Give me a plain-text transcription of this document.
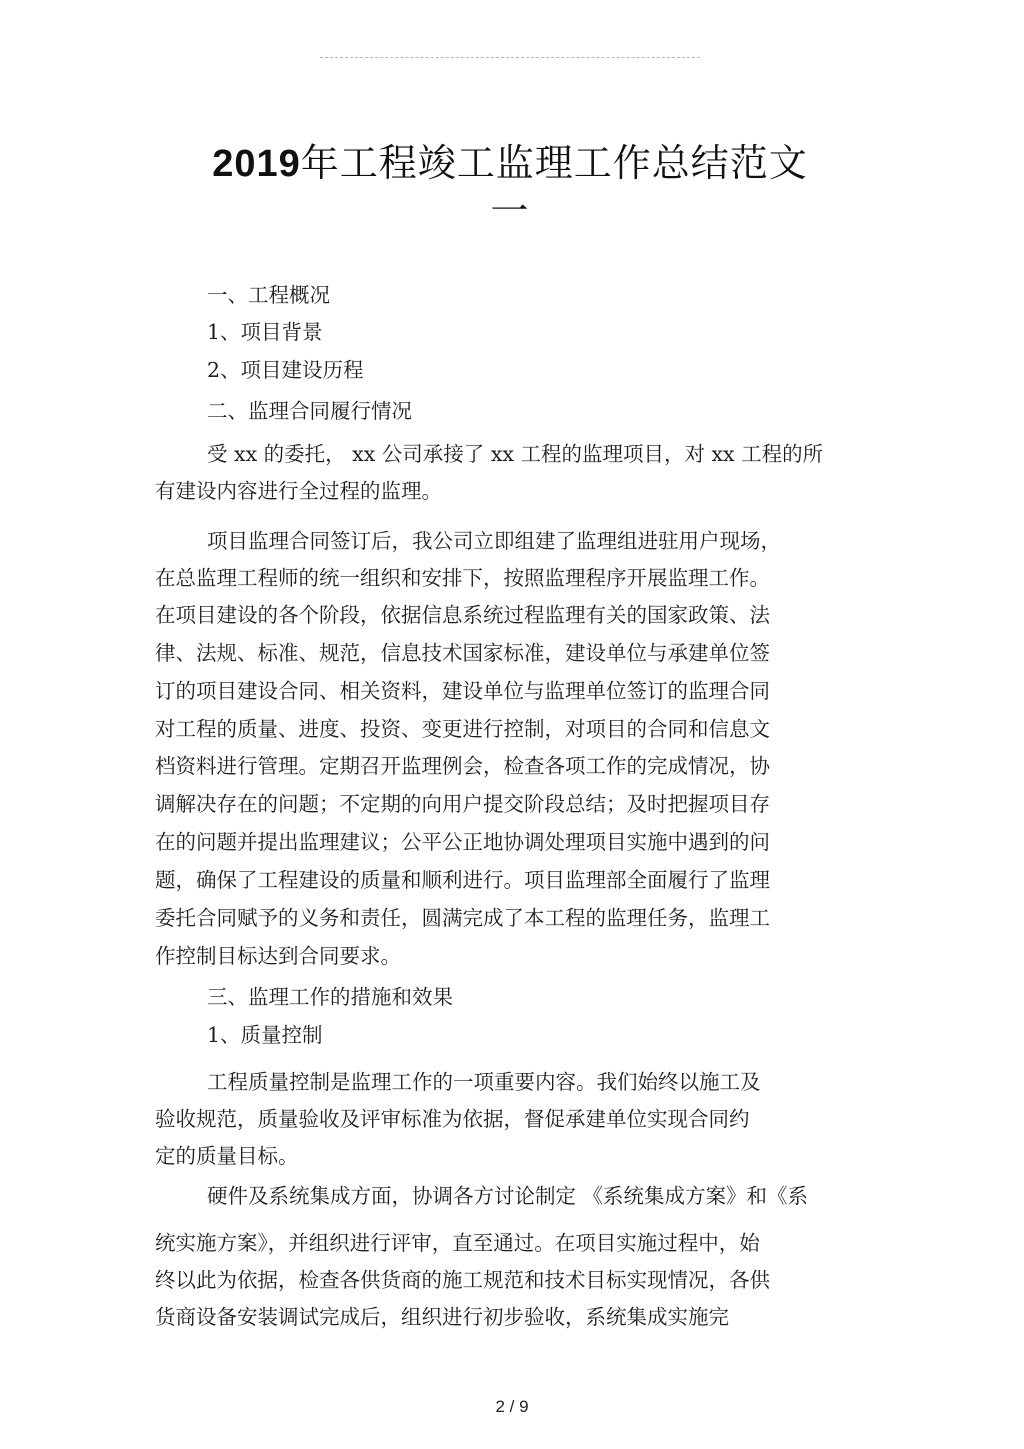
2019年工程竣工监理工作总结范文
一
一、工程概况
1、项目背景
2、项目建设历程
二、监理合同履行情况
受 xx 的委托， xx 公司承接了 xx 工程的监理项目，对 xx 工程的所
有建设内容进行全过程的监理。
项目监理合同签订后，我公司立即组建了监理组进驻用户现场，
在总监理工程师的统一组织和安排下，按照监理程序开展监理工作。
在项目建设的各个阶段，依据信息系统过程监理有关的国家政策、法
律、法规、标准、规范，信息技术国家标准，建设单位与承建单位签
订的项目建设合同、相关资料，建设单位与监理单位签订的监理合同
对工程的质量、进度、投资、变更进行控制，对项目的合同和信息文
档资料进行管理。定期召开监理例会，检查各项工作的完成情况，协
调解决存在的问题；不定期的向用户提交阶段总结；及时把握项目存
在的问题并提出监理建议；公平公正地协调处理项目实施中遇到的问
题，确保了工程建设的质量和顺利进行。项目监理部全面履行了监理
委托合同赋予的义务和责任，圆满完成了本工程的监理任务，监理工
作控制目标达到合同要求。
三、监理工作的措施和效果
1、质量控制
工程质量控制是监理工作的一项重要内容。我们始终以施工及
验收规范，质量验收及评审标准为依据，督促承建单位实现合同约
定的质量目标。
硬件及系统集成方面，协调各方讨论制定 《系统集成方案》和《系
统实施方案》，并组织进行评审，直至通过。在项目实施过程中，始
终以此为依据，检查各供货商的施工规范和技术目标实现情况，各供
货商设备安装调试完成后，组织进行初步验收，系统集成实施完
2 / 9
